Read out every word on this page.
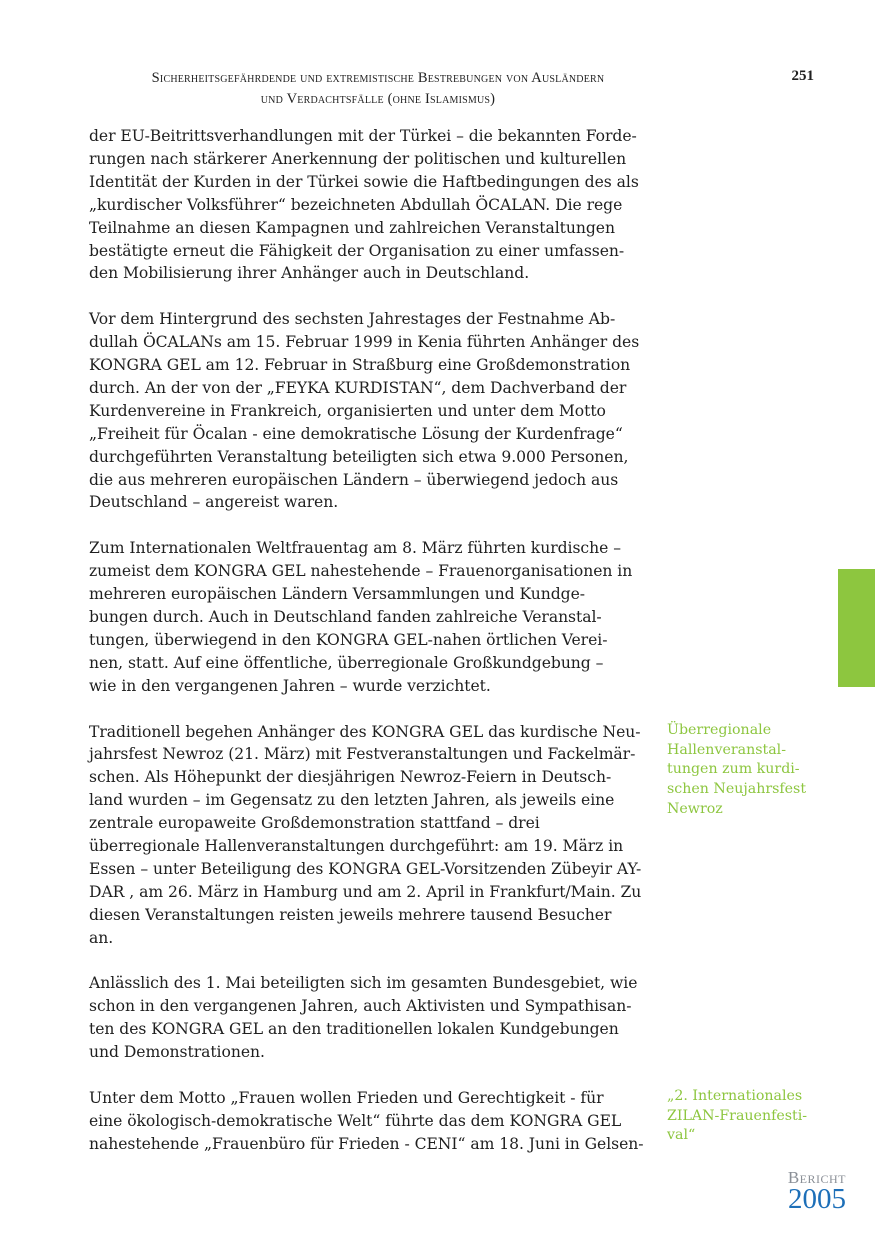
Sicherheitsgefährdende und extremistische Bestrebungen von Ausländern
und Verdachtsfälle (ohne Islamismus)
251

der EU-Beitrittsverhandlungen mit der Türkei – die bekannten Forde-
rungen nach stärkerer Anerkennung der politischen und kulturellen
Identität der Kurden in der Türkei sowie die Haftbedingungen des als
„kurdischer Volksführer“ bezeichneten Abdullah ÖCALAN. Die rege
Teilnahme an diesen Kampagnen und zahlreichen Veranstaltungen
bestätigte erneut die Fähigkeit der Organisation zu einer umfassen-
den Mobilisierung ihrer Anhänger auch in Deutschland.

Vor dem Hintergrund des sechsten Jahrestages der Festnahme Ab-
dullah ÖCALANs am 15. Februar 1999 in Kenia führten Anhänger des
KONGRA GEL am 12. Februar in Straßburg eine Großdemonstration
durch. An der von der „FEYKA KURDISTAN“, dem Dachverband der
Kurdenvereine in Frankreich, organisierten und unter dem Motto
„Freiheit für Öcalan - eine demokratische Lösung der Kurdenfrage“
durchgeführten Veranstaltung beteiligten sich etwa 9.000 Personen,
die aus mehreren europäischen Ländern – überwiegend jedoch aus
Deutschland – angereist waren.

Zum Internationalen Weltfrauentag am 8. März führten kurdische –
zumeist dem KONGRA GEL nahestehende – Frauenorganisationen in
mehreren europäischen Ländern Versammlungen und Kundge-
bungen durch. Auch in Deutschland fanden zahlreiche Veranstal-
tungen, überwiegend in den KONGRA GEL-nahen örtlichen Verei-
nen, statt. Auf eine öffentliche, überregionale Großkundgebung –
wie in den vergangenen Jahren – wurde verzichtet.

Traditionell begehen Anhänger des KONGRA GEL das kurdische Neu-
jahrsfest Newroz (21. März) mit Festveranstaltungen und Fackelmär-
schen. Als Höhepunkt der diesjährigen Newroz-Feiern in Deutsch-
land wurden – im Gegensatz zu den letzten Jahren, als jeweils eine
zentrale europaweite Großdemonstration stattfand – drei
überregionale Hallenveranstaltungen durchgeführt: am 19. März in
Essen – unter Beteiligung des KONGRA GEL-Vorsitzenden Zübeyir AY-
DAR , am 26. März in Hamburg und am 2. April in Frankfurt/Main. Zu
diesen Veranstaltungen reisten jeweils mehrere tausend Besucher
an.

Anlässlich des 1. Mai beteiligten sich im gesamten Bundesgebiet, wie
schon in den vergangenen Jahren, auch Aktivisten und Sympathisan-
ten des KONGRA GEL an den traditionellen lokalen Kundgebungen
und Demonstrationen.

Unter dem Motto „Frauen wollen Frieden und Gerechtigkeit - für
eine ökologisch-demokratische Welt“ führte das dem KONGRA GEL
nahestehende „Frauenbüro für Frieden - CENI“ am 18. Juni in Gelsen-

Überregionale
Hallenveranstal-
tungen zum kurdi-
schen Neujahrsfest
Newroz
„2. Internationales
ZILAN-Frauenfesti-
val“
Bericht
2005
